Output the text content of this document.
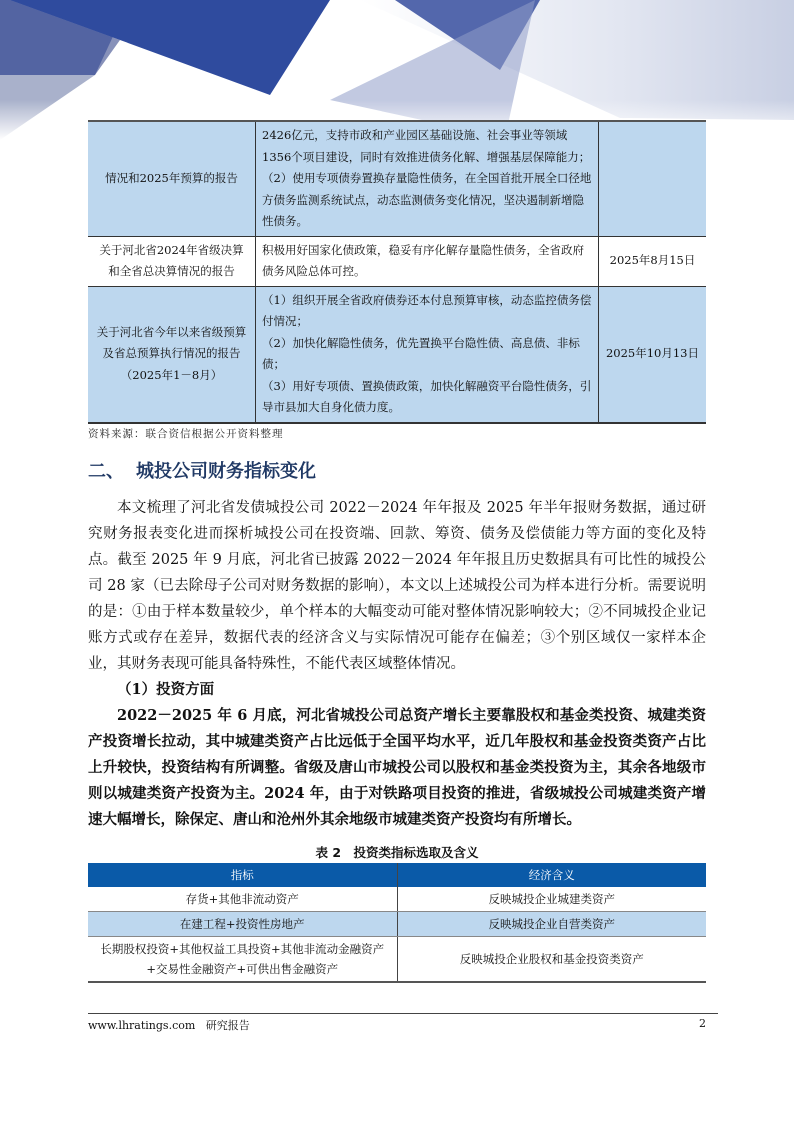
情况和2025年预算的报告	2426亿元，支持市政和产业园区基础设施、社会事业等领域1356个项目建设，同时有效推进债务化解、增强基层保障能力；
（2）使用专项债券置换存量隐性债务，在全国首批开展全口径地方债务监测系统试点，动态监测债务变化情况，坚决遏制新增隐性债务。	

关于河北省2024年省级决算和全省总决算情况的报告	积极用好国家化债政策，稳妥有序化解存量隐性债务，全省政府债务风险总体可控。	2025年8月15日
关于河北省今年以来省级预算及省总预算执行情况的报告（2025年1－8月）	（1）组织开展全省政府债券还本付息预算审核，动态监控债务偿付情况；
（2）加快化解隐性债务，优先置换平台隐性债、高息债、非标债；
（3）用好专项债、置换债政策，加快化解融资平台隐性债务，引导市县加大自身化债力度。	2025年10月13日
资料来源：联合资信根据公开资料整理
二、 城投公司财务指标变化

本文梳理了河北省发债城投公司 2022－2024 年年报及 2025 年半年报财务数据，通过研究财务报表变化进而探析城投公司在投资端、回款、筹资、债务及偿债能力等方面的变化及特点。截至 2025 年 9 月底，河北省已披露 2022－2024 年年报且历史数据具有可比性的城投公司 28 家（已去除母子公司对财务数据的影响），本文以上述城投公司为样本进行分析。需要说明的是：①由于样本数量较少，单个样本的大幅变动可能对整体情况影响较大；②不同城投企业记账方式或存在差异，数据代表的经济含义与实际情况可能存在偏差；③个别区域仅一家样本企业，其财务表现可能具备特殊性，不能代表区域整体情况。

（1）投资方面

2022－2025 年 6 月底，河北省城投公司总资产增长主要靠股权和基金类投资、城建类资产投资增长拉动，其中城建类资产占比远低于全国平均水平，近几年股权和基金投资类资产占比上升较快，投资结构有所调整。省级及唐山市城投公司以股权和基金类投资为主，其余各地级市则以城建类资产投资为主。2024 年，由于对铁路项目投资的推进，省级城投公司城建类资产增速大幅增长，除保定、唐山和沧州外其余地级市城建类资产投资均有所增长。

表 2　投资类指标选取及含义
指标	经济含义
存货+其他非流动资产	反映城投企业城建类资产
在建工程+投资性房地产	反映城投企业自营类资产
长期股权投资+其他权益工具投资+其他非流动金融资产+交易性金融资产+可供出售金融资产	反映城投企业股权和基金投资类资产
www.lhratings.com 研究报告	2
